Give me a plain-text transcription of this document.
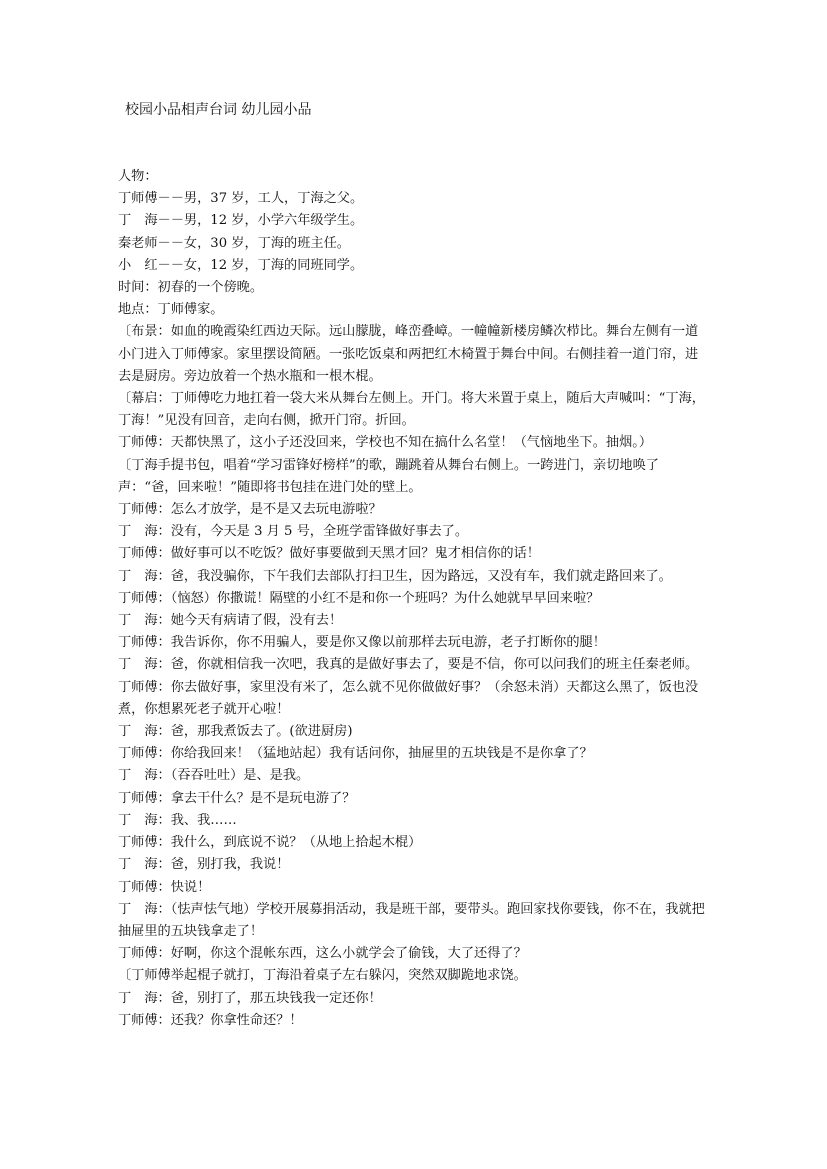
校园小品相声台词 幼儿园小品

人物：

丁师傅－－男，37 岁，工人，丁海之父。

丁　海－－男，12 岁，小学六年级学生。

秦老师－－女，30 岁，丁海的班主任。

小　红－－女，12 岁，丁海的同班同学。

时间：初春的一个傍晚。

地点：丁师傅家。

〔布景：如血的晚霞染红西边天际。远山朦胧，峰峦叠嶂。一幢幢新楼房鳞次栉比。舞台左侧有一道小门进入丁师傅家。家里摆设简陋。一张吃饭桌和两把红木椅置于舞台中间。右侧挂着一道门帘，进去是厨房。旁边放着一个热水瓶和一根木棍。

〔幕启：丁师傅吃力地扛着一袋大米从舞台左侧上。开门。将大米置于桌上，随后大声喊叫：“丁海，丁海！”见没有回音，走向右侧，掀开门帘。折回。

丁师傅：天都快黑了，这小子还没回来，学校也不知在搞什么名堂！（气恼地坐下。抽烟。）

〔丁海手提书包，唱着“学习雷锋好榜样”的歌，蹦跳着从舞台右侧上。一跨进门，亲切地唤了声：“爸，回来啦！”随即将书包挂在进门处的壁上。

丁师傅：怎么才放学，是不是又去玩电游啦？

丁　海：没有，今天是 3 月 5 号，全班学雷锋做好事去了。

丁师傅：做好事可以不吃饭？做好事要做到天黑才回？鬼才相信你的话！

丁　海：爸，我没骗你，下午我们去部队打扫卫生，因为路远，又没有车，我们就走路回来了。

丁师傅：（恼怒）你撒谎！隔壁的小红不是和你一个班吗？为什么她就早早回来啦？

丁　海：她今天有病请了假，没有去！

丁师傅：我告诉你，你不用骗人，要是你又像以前那样去玩电游，老子打断你的腿！

丁　海：爸，你就相信我一次吧，我真的是做好事去了，要是不信，你可以问我们的班主任秦老师。

丁师傅：你去做好事，家里没有米了，怎么就不见你做做好事？（余怒未消）天都这么黑了，饭也没煮，你想累死老子就开心啦！

丁　海：爸，那我煮饭去了。(欲进厨房)

丁师傅：你给我回来！（猛地站起）我有话问你，抽屉里的五块钱是不是你拿了？

丁　海：（吞吞吐吐）是、是我。

丁师傅：拿去干什么？是不是玩电游了？

丁　海：我、我……

丁师傅：我什么，到底说不说？（从地上拾起木棍）

丁　海：爸，别打我，我说！

丁师傅：快说！

丁　海：（怯声怯气地）学校开展募捐活动，我是班干部，要带头。跑回家找你要钱，你不在，我就把抽屉里的五块钱拿走了！

丁师傅：好啊，你这个混帐东西，这么小就学会了偷钱，大了还得了？

〔丁师傅举起棍子就打，丁海沿着桌子左右躲闪，突然双脚跪地求饶。

丁　海：爸，别打了，那五块钱我一定还你！

丁师傅：还我？你拿性命还？！
